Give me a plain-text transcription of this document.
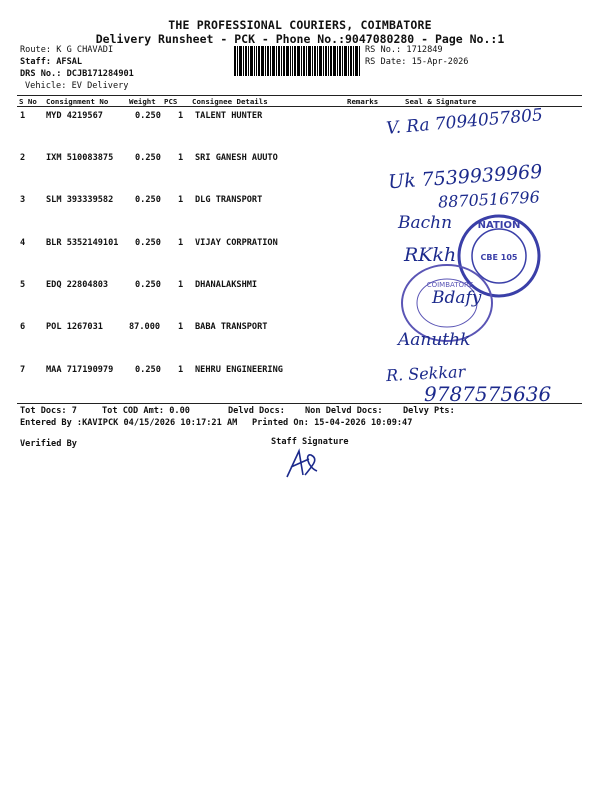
THE PROFESSIONAL COURIERS, COIMBATORE
Delivery Runsheet - PCK - Phone No.:9047080280 - Page No.:1
Route: K G CHAVADI
Staff: AFSAL
DRS No.: DCJB171284901
Vehicle: EV Delivery
RS No.: 1712849
RS Date: 15-Apr-2026
S No Consignment No	Weight PCS Consignee Details	Remarks	Seal & Signature
1 MYD 4219567	0.250 1 TALENT HUNTER
2 IXM 510083875	0.250 1 SRI GANESH AUUTO
3 SLM 393339582	0.250 1 DLG TRANSPORT
4 BLR 5352149101 0.250 1 VIJAY CORPRATION
5 EDQ 22804803	0.250 1 DHANALAKSHMI
6 POL 1267031	87.000 1 BABA TRANSPORT
7 MAA 717190979	0.250 1 NEHRU ENGINEERING
NATION
CBE 105
COIMBATORE
V. Ra 7094057805
Uk 7539939969
8870516796
Bachn
RKkh
Bdafy
Aanuthk
R. Sekkar
9787575636
Tot Docs: 7	Tot COD Amt: 0.00	Delvd Docs: Non Delvd Docs: Delvy Pts:
Entered By :KAVIPCK 04/15/2026 10:17:21 AM Printed On: 15-04-2026 10:09:47
Verified By	Staff Signature
